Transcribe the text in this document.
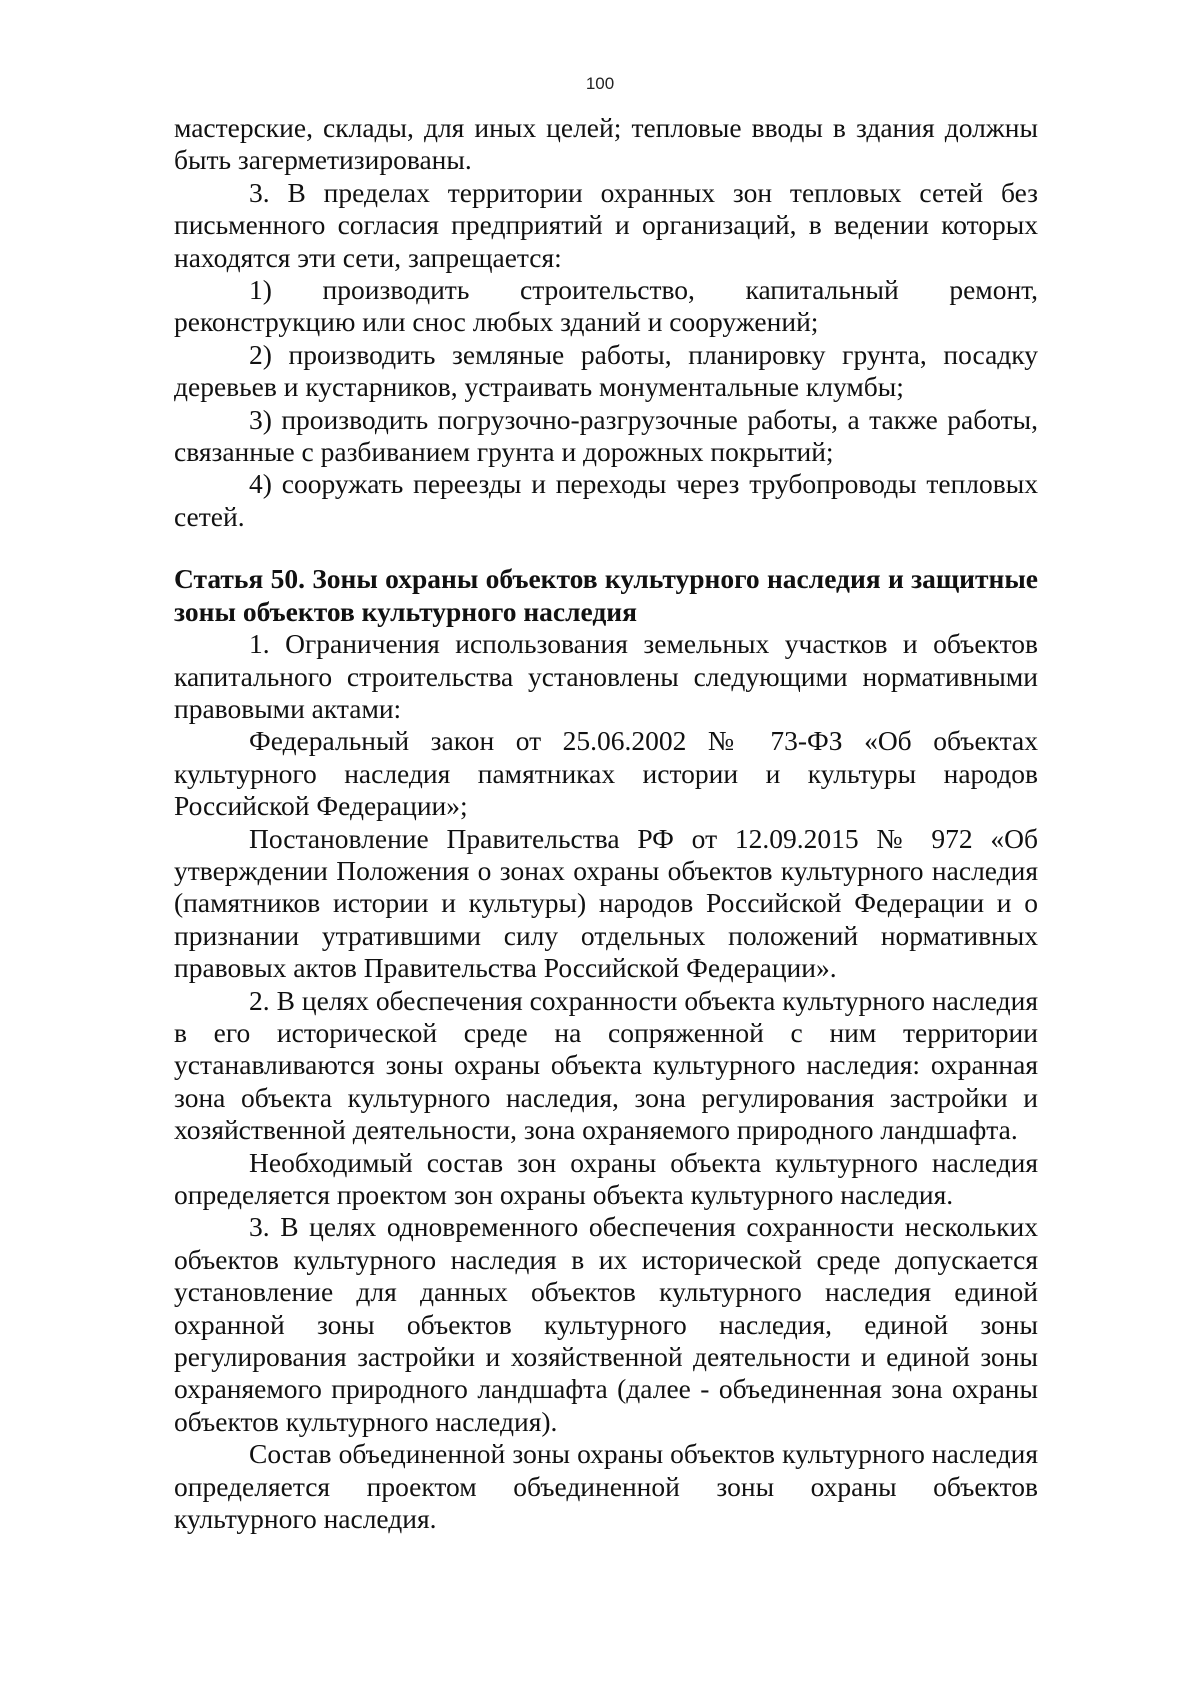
100

мастерские, склады, для иных целей; тепловые вводы в здания должны быть загерметизированы.

3. В пределах территории охранных зон тепловых сетей без письменного согласия предприятий и организаций, в ведении которых находятся эти сети, запрещается:

1) производить строительство, капитальный ремонт, реконструкцию или снос любых зданий и сооружений;

2) производить земляные работы, планировку грунта, посадку деревьев и кустарников, устраивать монументальные клумбы;

3) производить погрузочно-разгрузочные работы, а также работы, связанные с разбиванием грунта и дорожных покрытий;

4) сооружать переезды и переходы через трубопроводы тепловых сетей.

Статья 50. Зоны охраны объектов культурного наследия и защитные зоны объектов культурного наследия

1. Ограничения использования земельных участков и объектов капитального строительства установлены следующими нормативными правовыми актами:

Федеральный закон от 25.06.2002 № 73-ФЗ «Об объектах культурного наследия памятниках истории и культуры народов Российской Федерации»;

Постановление Правительства РФ от 12.09.2015 № 972 «Об утверждении Положения о зонах охраны объектов культурного наследия (памятников истории и культуры) народов Российской Федерации и о признании утратившими силу отдельных положений нормативных правовых актов Правительства Российской Федерации».

2. В целях обеспечения сохранности объекта культурного наследия в его исторической среде на сопряженной с ним территории устанавливаются зоны охраны объекта культурного наследия: охранная зона объекта культурного наследия, зона регулирования застройки и хозяйственной деятельности, зона охраняемого природного ландшафта.

Необходимый состав зон охраны объекта культурного наследия определяется проектом зон охраны объекта культурного наследия.

3. В целях одновременного обеспечения сохранности нескольких объектов культурного наследия в их исторической среде допускается установление для данных объектов культурного наследия единой охранной зоны объектов культурного наследия, единой зоны регулирования застройки и хозяйственной деятельности и единой зоны охраняемого природного ландшафта (далее - объединенная зона охраны объектов культурного наследия).

Состав объединенной зоны охраны объектов культурного наследия определяется проектом объединенной зоны охраны объектов культурного наследия.
